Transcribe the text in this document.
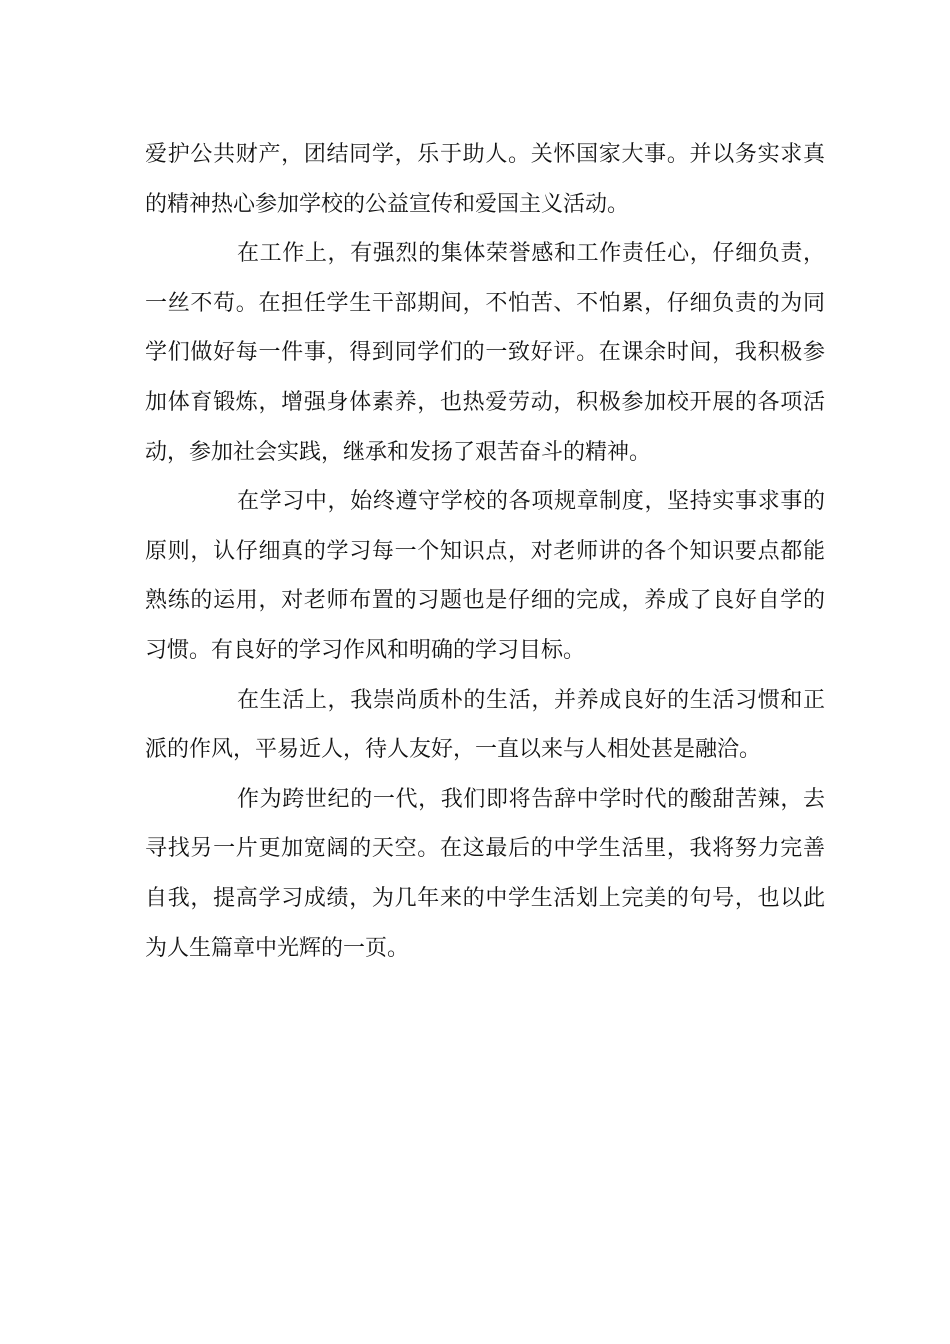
爱护公共财产，团结同学，乐于助人。关怀国家大事。并以务实求真的精神热心参加学校的公益宣传和爱国主义活动。

在工作上，有强烈的集体荣誉感和工作责任心，仔细负责，一丝不苟。在担任学生干部期间，不怕苦、不怕累，仔细负责的为同学们做好每一件事，得到同学们的一致好评。在课余时间，我积极参加体育锻炼，增强身体素养，也热爱劳动，积极参加校开展的各项活动，参加社会实践，继承和发扬了艰苦奋斗的精神。

在学习中，始终遵守学校的各项规章制度，坚持实事求事的原则，认仔细真的学习每一个知识点，对老师讲的各个知识要点都能熟练的运用，对老师布置的习题也是仔细的完成，养成了良好自学的习惯。有良好的学习作风和明确的学习目标。

在生活上，我崇尚质朴的生活，并养成良好的生活习惯和正派的作风，平易近人，待人友好，一直以来与人相处甚是融洽。

作为跨世纪的一代，我们即将告辞中学时代的酸甜苦辣，去寻找另一片更加宽阔的天空。在这最后的中学生活里，我将努力完善自我，提高学习成绩，为几年来的中学生活划上完美的句号，也以此为人生篇章中光辉的一页。
